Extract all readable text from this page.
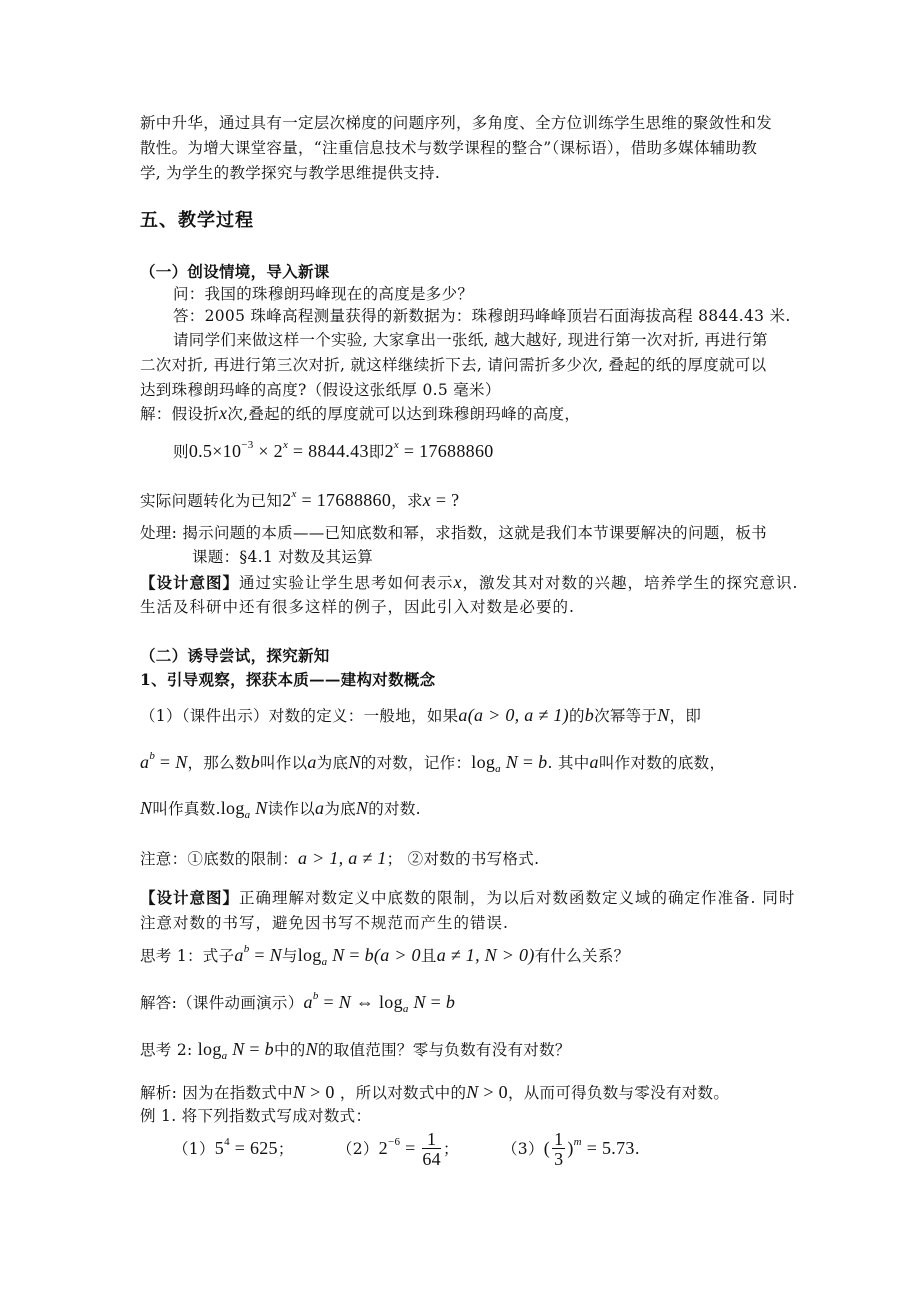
新中升华，通过具有一定层次梯度的问题序列，多角度、全方位训练学生思维的聚敛性和发
散性。为增大课堂容量，“注重信息技术与数学课程的整合”（课标语），借助多媒体辅助教
学, 为学生的教学探究与教学思维提供支持.
五、教学过程
（一）创设情境，导入新课
问：我国的珠穆朗玛峰现在的高度是多少？
答：2005 珠峰高程测量获得的新数据为：珠穆朗玛峰峰顶岩石面海拔高程 8844.43 米.
请同学们来做这样一个实验, 大家拿出一张纸, 越大越好, 现进行第一次对折, 再进行第
二次对折, 再进行第三次对折, 就这样继续折下去, 请问需折多少次, 叠起的纸的厚度就可以
达到珠穆朗玛峰的高度?（假设这张纸厚 0.5 毫米）
解：假设折x次,叠起的纸的厚度就可以达到珠穆朗玛峰的高度，
则$0.5\times 10^{-3} \times 2^x = 8844.43$即$2^x = 17688860$
实际问题转化为已知$2^x = 17688860$，求x = ?
处理: 揭示问题的本质——已知底数和幂，求指数，这就是我们本节课要解决的问题，板书
课题：§4.1 对数及其运算
【设计意图】通过实验让学生思考如何表示x，激发其对对数的兴趣，培养学生的探究意识.
生活及科研中还有很多这样的例子，因此引入对数是必要的.
（二）诱导尝试，探究新知
1、引导观察，探获本质——建构对数概念
（1）（课件出示）对数的定义：一般地，如果a(a > 0, a ≠ 1)的b次幂等于N，即
$a^b = N$，那么数b叫作以a为底N的对数，记作：$\log_a N = b$. 其中a叫作对数的底数，
N叫作真数$.\log_a$ N读作以a为底N的对数.
注意：①底数的限制：a > 1, a ≠ 1； ②对数的书写格式.
【设计意图】正确理解对数定义中底数的限制，为以后对数函数定义域的确定作准备. 同时
注意对数的书写，避免因书写不规范而产生的错误.
思考 1：式子$a^b = N$与$\log_a N = b(a > 0$且a ≠ 1, N > 0)有什么关系？
解答:（课件动画演示）$a^b = N$ ⇔ $\log_a N = b$
思考 2: $\log_a N = b$中的N的取值范围？零与负数有没有对数？
解析: 因为在指数式中N > 0 ，所以对数式中的N > 0，从而可得负数与零没有对数。
例 1. 将下列指数式写成对数式：
$(1)5^4 = 625$；	$(2)2^{-6} = \frac{1}{64}$ ；	$(3)( \frac{1}{3} )^m = 5.73$.
